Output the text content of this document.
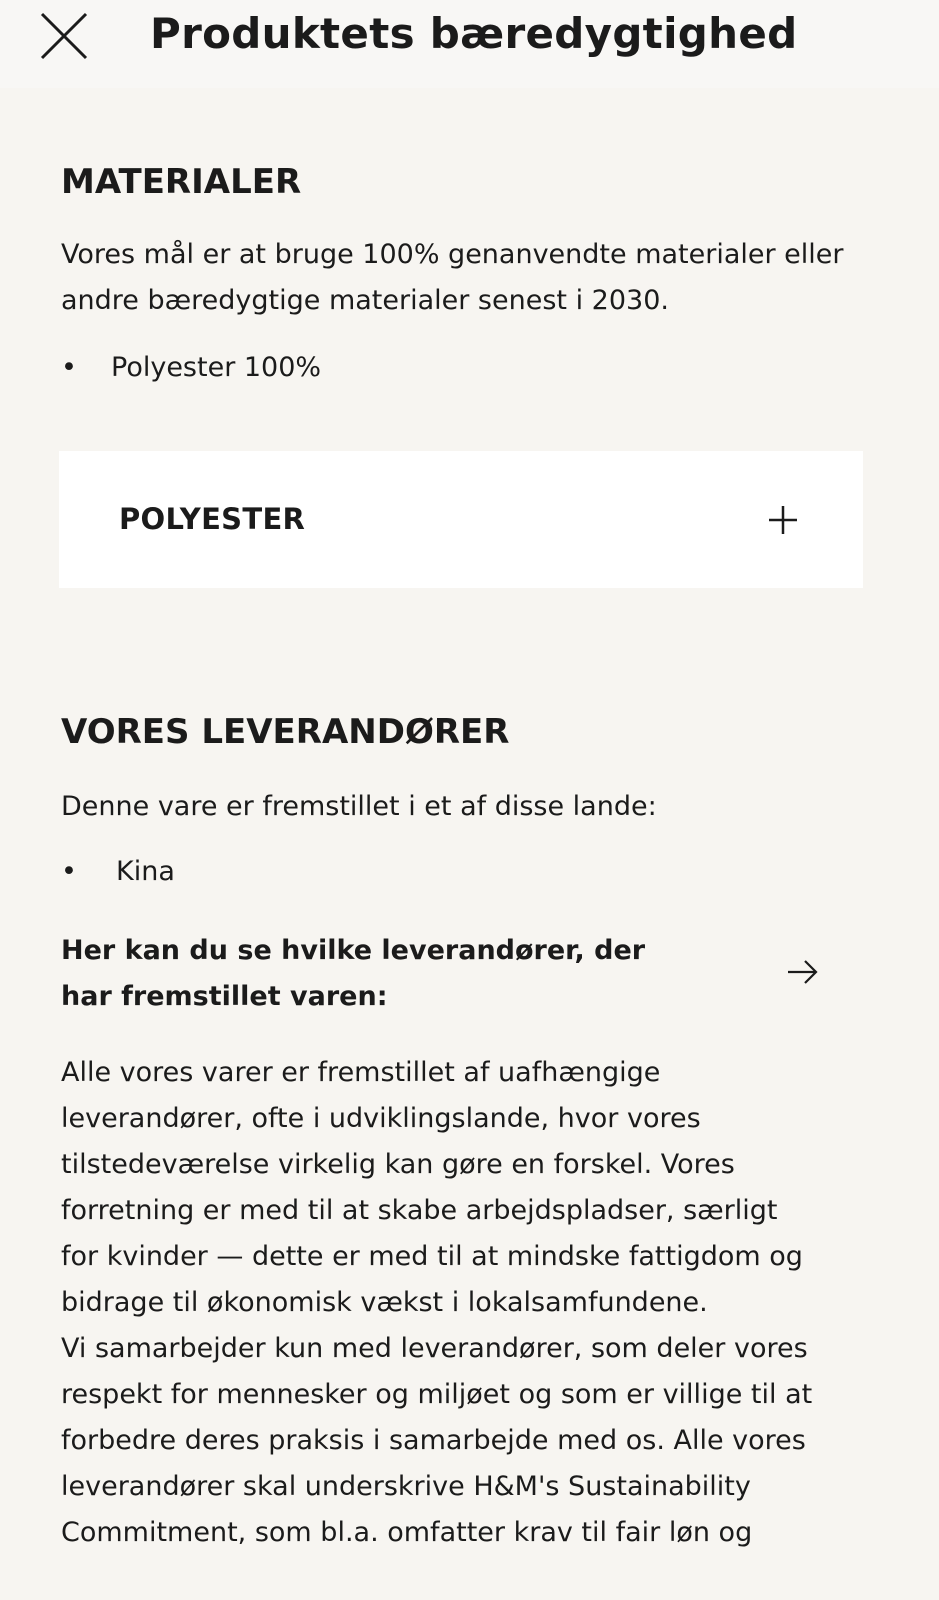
Produktets bæredygtighed
MATERIALER

Vores mål er at bruge 100% genanvendte materialer eller andre bæredygtige materialer senest i 2030.

• Polyester 100%
POLYESTER
VORES LEVERANDØRER

Denne vare er fremstillet i et af disse lande:

• Kina
Her kan du se hvilke leverandører, der har fremstillet varen:
Alle vores varer er fremstillet af uafhængige
leverandører, ofte i udviklingslande, hvor vores
tilstedeværelse virkelig kan gøre en forskel. Vores
forretning er med til at skabe arbejdspladser, særligt
for kvinder — dette er med til at mindske fattigdom og
bidrage til økonomisk vækst i lokalsamfundene.
Vi samarbejder kun med leverandører, som deler vores
respekt for mennesker og miljøet og som er villige til at
forbedre deres praksis i samarbejde med os. Alle vores
leverandører skal underskrive H&M's Sustainability
Commitment, som bl.a. omfatter krav til fair løn og
